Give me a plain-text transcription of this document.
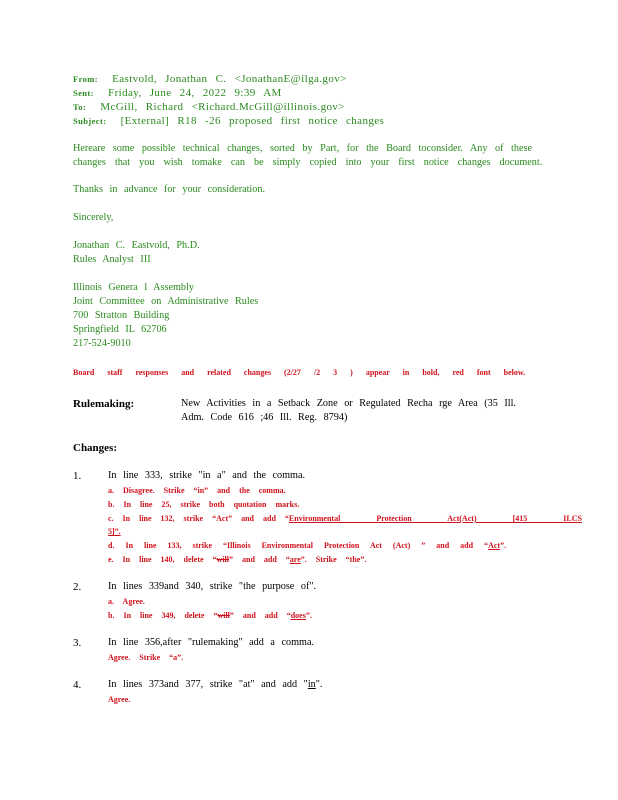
From: Eastvold, Jonathan C. <JonathanE@ilga.gov>
Sent: Friday, June 24, 2022 9:39 AM
To: McGill, Richard <Richard.McGill@illinois.gov>
Subject: [External] R18 -26 proposed first notice changes
Hereare some possible technical changes, sorted by Part, for the Board toconsider. Any of these
changes that you wish tomake can be simply copied into your first notice changes document.
Thanks in advance for your consideration.
Sincerely,
Jonathan C. Eastvold, Ph.D.
Rules Analyst III
Illinois Genera l Assembly
Joint Committee on Administrative Rules
700 Stratton Building
Springfield IL 62706
217-524-9010
Board staff responses and related changes (2/27 /2 3 ) appear in bold, red font below.
Rulemaking:	New Activities in a Setback Zone or Regulated Recha rge Area (35 Ill.
Adm. Code 616 ;46 Ill. Reg. 8794)
Changes:
1.	In line 333, strike "in a" and the comma.
a. Disagree. Strike “in” and the comma.
b. In line 25, strike both quotation marks.
c. In line 132, strike “Act” and add “Environmental Protection Act(Act) [415 ILCS
5]”.
d. In line 133, strike “Illinois Environmental Protection Act (Act) ” and add “Act”.
e. In line 140, delete “will” and add “are”. Strike “the”.
2.	In lines 339and 340, strike "the purpose of".
a. Agree.
b. In line 349, delete “will” and add “does”.
3.	In line 356,after "rulemaking" add a comma.
Agree. Strike “a”.
4.	In lines 373and 377, strike "at" and add "in".
Agree.
